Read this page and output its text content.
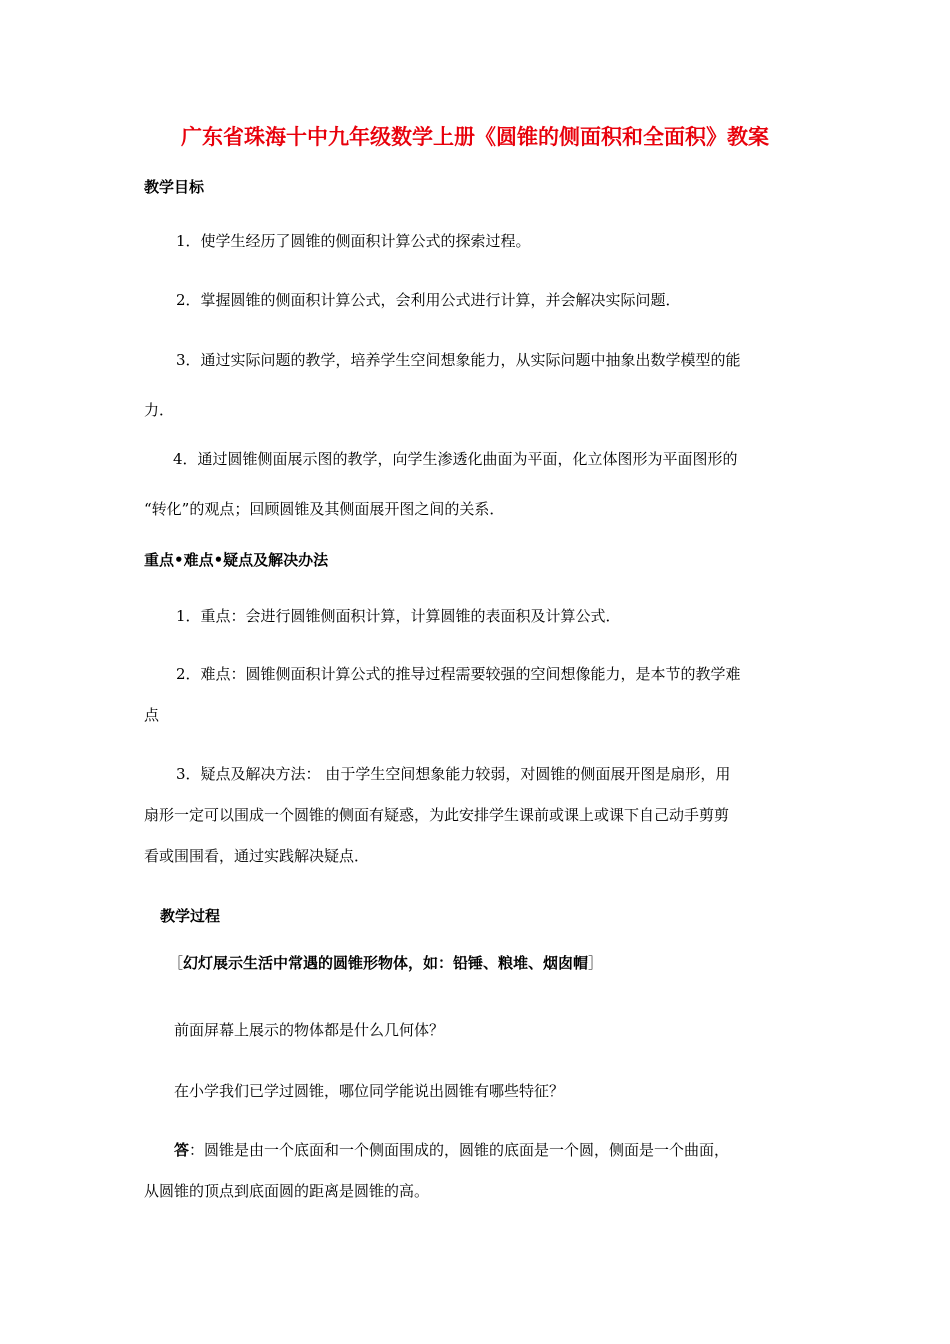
广东省珠海十中九年级数学上册《圆锥的侧面积和全面积》教案
教学目标
1．使学生经历了圆锥的侧面积计算公式的探索过程。
2．掌握圆锥的侧面积计算公式，会利用公式进行计算，并会解决实际问题．
3．通过实际问题的教学，培养学生空间想象能力，从实际问题中抽象出数学模型的能
力．
4．通过圆锥侧面展示图的教学，向学生渗透化曲面为平面，化立体图形为平面图形的
“转化”的观点；回顾圆锥及其侧面展开图之间的关系．
重点•难点•疑点及解决办法
1．重点：会进行圆锥侧面积计算，计算圆锥的表面积及计算公式．
2．难点：圆锥侧面积计算公式的推导过程需要较强的空间想像能力，是本节的教学难
点
3．疑点及解决方法： 由于学生空间想象能力较弱，对圆锥的侧面展开图是扇形，用
扇形一定可以围成一个圆锥的侧面有疑惑，为此安排学生课前或课上或课下自己动手剪剪
看或围围看，通过实践解决疑点．
教学过程
［幻灯展示生活中常遇的圆锥形物体，如：铅锤、粮堆、烟囱帽］
前面屏幕上展示的物体都是什么几何体？
在小学我们已学过圆锥，哪位同学能说出圆锥有哪些特征？
答：圆锥是由一个底面和一个侧面围成的，圆锥的底面是一个圆，侧面是一个曲面，
从圆锥的顶点到底面圆的距离是圆锥的高。
